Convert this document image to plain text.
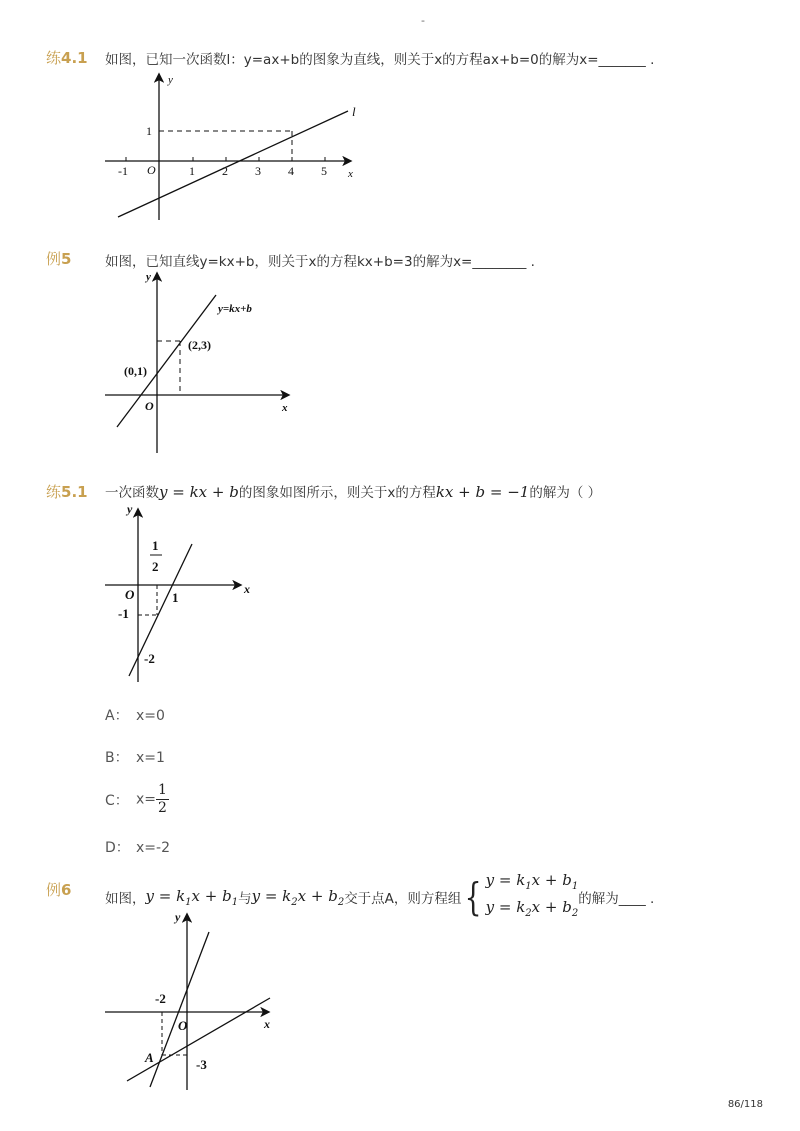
-
练4.1 如图，已知一次函数l：y=ax+b的图象为直线，则关于x的方程ax+b=0的解为x=_______ .
y
x
O
l
-1	1 2 3 4 5
1
例5 如图，已知直线y=kx+b，则关于x的方程kx+b=3的解为x=________ .
y
x
O
y=kx+b
(0,1)
(2,3)
练5.1 一次函数y = kx + b的图象如图所示，则关于x的方程kx + b = −1的解为（ ）
y
x
O
1
2
1
-1
-2
A： x=0
B： x=1
C： $x= \frac{1}{2}$
D： x=-2
例6 如图，$y = k_1x + b_1$与$y = k_2x + b_2$交于点A，则方程组 { $y = k_1x + b_1$
$y = k_2x + b_2$
的解为____ .
y
x
O
A
-2
-3
86/118
